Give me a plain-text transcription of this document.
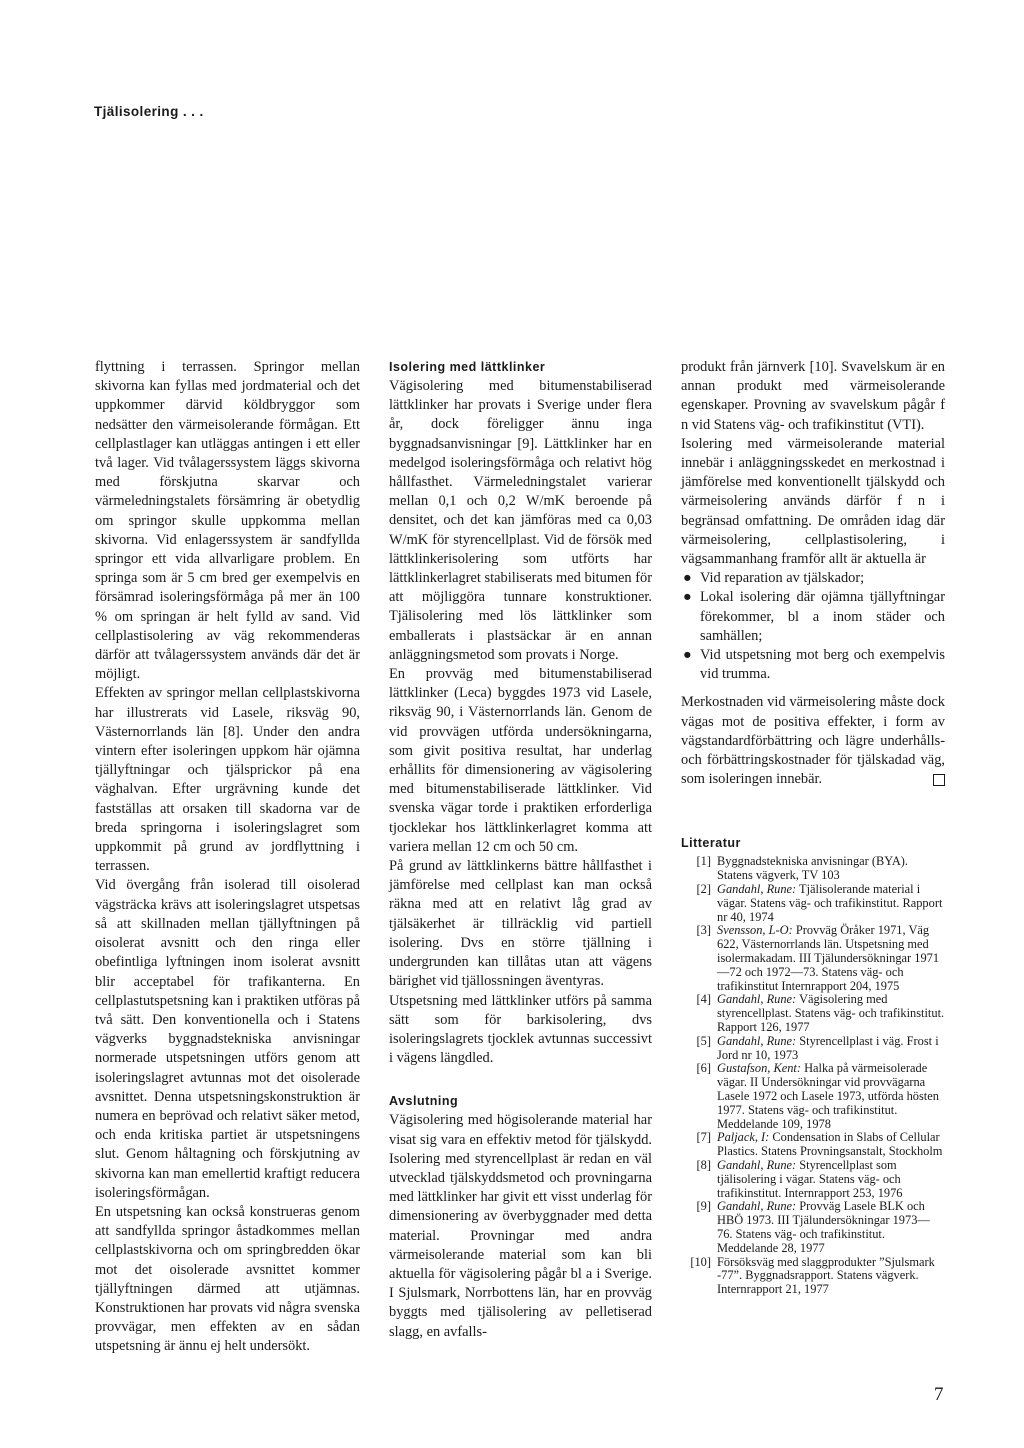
Tjälisolering . . .

flyttning i terrassen. Springor mellan skivorna kan fyllas med jordmaterial och det uppkommer därvid köldbryggor som nedsätter den värmeisolerande förmågan. Ett cellplastlager kan utläggas antingen i ett eller två lager. Vid tvålagerssystem läggs skivorna med förskjutna skarvar och värmeledningstalets försämring är obetydlig om springor skulle uppkomma mellan skivorna. Vid enlagerssystem är sandfyllda springor ett vida allvarligare problem. En springa som är 5 cm bred ger exempelvis en försämrad isoleringsförmåga på mer än 100 % om springan är helt fylld av sand. Vid cellplastisolering av väg rekommenderas därför att tvålagerssystem används där det är möjligt.

Effekten av springor mellan cellplastskivorna har illustrerats vid Lasele, riksväg 90, Västernorrlands län [8]. Under den andra vintern efter isoleringen uppkom här ojämna tjällyftningar och tjälsprickor på ena väghalvan. Efter urgrävning kunde det fastställas att orsaken till skadorna var de breda springorna i isoleringslagret som uppkommit på grund av jordflyttning i terrassen.

Vid övergång från isolerad till oisolerad vägsträcka krävs att isoleringslagret utspetsas så att skillnaden mellan tjällyftningen på oisolerat avsnitt och den ringa eller obefintliga lyftningen inom isolerat avsnitt blir acceptabel för trafikanterna. En cellplastutspetsning kan i praktiken utföras på två sätt. Den konventionella och i Statens vägverks byggnadstekniska anvisningar normerade utspetsningen utförs genom att isoleringslagret avtunnas mot det oisolerade avsnittet. Denna utspetsningskonstruktion är numera en beprövad och relativt säker metod, och enda kritiska partiet är utspetsningens slut. Genom håltagning och förskjutning av skivorna kan man emellertid kraftigt reducera isoleringsförmågan.

En utspetsning kan också konstrueras genom att sandfyllda springor åstadkommes mellan cellplastskivorna och om springbredden ökar mot det oisolerade avsnittet kommer tjällyftningen därmed att utjämnas. Konstruktionen har provats vid några svenska provvägar, men effekten av en sådan utspetsning är ännu ej helt undersökt.

Isolering med lättklinker

Vägisolering med bitumenstabiliserad lättklinker har provats i Sverige under flera år, dock föreligger ännu inga byggnadsanvisningar [9]. Lättklinker har en medelgod isoleringsförmåga och relativt hög hållfasthet. Värmeledningstalet varierar mellan 0,1 och 0,2 W/mK beroende på densitet, och det kan jämföras med ca 0,03 W/mK för styrencellplast. Vid de försök med lättklinkerisolering som utförts har lättklinkerlagret stabiliserats med bitumen för att möjliggöra tunnare konstruktioner. Tjälisolering med lös lättklinker som emballerats i plastsäckar är en annan anläggningsmetod som provats i Norge.

En provväg med bitumenstabiliserad lättklinker (Leca) byggdes 1973 vid Lasele, riksväg 90, i Västernorrlands län. Genom de vid provvägen utförda undersökningarna, som givit positiva resultat, har underlag erhållits för dimensionering av vägisolering med bitumenstabiliserade lättklinker. Vid svenska vägar torde i praktiken erforderliga tjocklekar hos lättklinkerlagret komma att variera mellan 12 cm och 50 cm.

På grund av lättklinkerns bättre hållfasthet i jämförelse med cellplast kan man också räkna med att en relativt låg grad av tjälsäkerhet är tillräcklig vid partiell isolering. Dvs en större tjällning i undergrunden kan tillåtas utan att vägens bärighet vid tjällossningen äventyras.

Utspetsning med lättklinker utförs på samma sätt som för barkisolering, dvs isoleringslagrets tjocklek avtunnas successivt i vägens längdled.

Avslutning

Vägisolering med högisolerande material har visat sig vara en effektiv metod för tjälskydd. Isolering med styrencellplast är redan en väl utvecklad tjälskyddsmetod och provningarna med lättklinker har givit ett visst underlag för dimensionering av överbyggnader med detta material. Provningar med andra värmeisolerande material som kan bli aktuella för vägisolering pågår bl a i Sverige. I Sjulsmark, Norrbottens län, har en provväg byggts med tjälisolering av pelletiserad slagg, en avfalls-

produkt från järnverk [10]. Svavelskum är en annan produkt med värmeisolerande egenskaper. Provning av svavelskum pågår f n vid Statens väg- och trafikinstitut (VTI).

Isolering med värmeisolerande material innebär i anläggningsskedet en merkostnad i jämförelse med konventionellt tjälskydd och värmeisolering används därför f n i begränsad omfattning. De områden idag där värmeisolering, cellplastisolering, i vägsammanhang framför allt är aktuella är

● Vid reparation av tjälskador;
● Lokal isolering där ojämna tjällyftningar förekommer, bl a inom städer och samhällen;
● Vid utspetsning mot berg och exempelvis vid trumma.

Merkostnaden vid värmeisolering måste dock vägas mot de positiva effekter, i form av vägstandardförbättring och lägre underhålls- och förbättringskostnader för tjälskadad väg, som isoleringen innebär.

Litteratur
[1] Byggnadstekniska anvisningar (BYA). Statens vägverk, TV 103
[2] Gandahl, Rune: Tjälisolerande material i vägar. Statens väg- och trafikinstitut. Rapport nr 40, 1974
[3] Svensson, L-O: Provväg Öråker 1971, Väg 622, Västernorrlands län. Utspetsning med isolermakadam. III Tjälundersökningar 1971—72 och 1972—73. Statens väg- och trafikinstitut Internrapport 204, 1975
[4] Gandahl, Rune: Vägisolering med styrencellplast. Statens väg- och trafikinstitut. Rapport 126, 1977
[5] Gandahl, Rune: Styrencellplast i väg. Frost i Jord nr 10, 1973
[6] Gustafson, Kent: Halka på värmeisolerade vägar. II Undersökningar vid provvägarna Lasele 1972 och Lasele 1973, utförda hösten 1977. Statens väg- och trafikinstitut. Meddelande 109, 1978
[7] Paljack, I: Condensation in Slabs of Cellular Plastics. Statens Provningsanstalt, Stockholm
[8] Gandahl, Rune: Styrencellplast som tjälisolering i vägar. Statens väg- och trafikinstitut. Internrapport 253, 1976
[9] Gandahl, Rune: Provväg Lasele BLK och HBÖ 1973. III Tjälundersökningar 1973—76. Statens väg- och trafikinstitut. Meddelande 28, 1977
[10] Försöksväg med slaggprodukter ”Sjulsmark -77”. Byggnadsrapport. Statens vägverk. Internrapport 21, 1977
7
